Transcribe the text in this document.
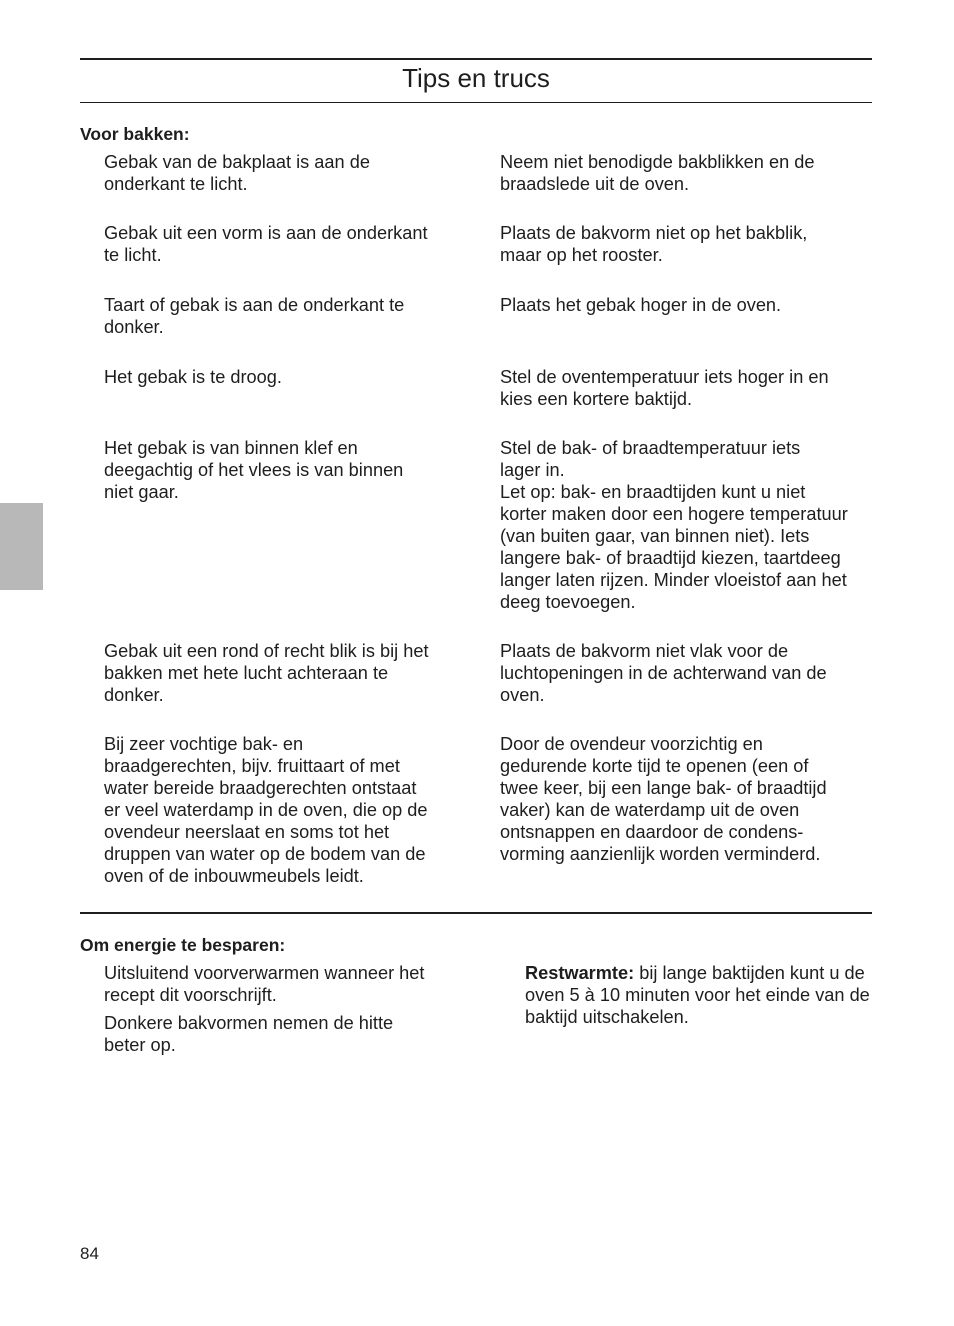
Tips en trucs
Voor bakken:
Gebak van de bakplaat is aan de
onderkant te licht.
Neem niet benodigde bakblikken en de
braadslede uit de oven.
Gebak uit een vorm is aan de onderkant
te licht.
Plaats de bakvorm niet op het bakblik,
maar op het rooster.
Taart of gebak is aan de onderkant te
donker.
Plaats het gebak hoger in de oven.
Het gebak is te droog.	Stel de oventemperatuur iets hoger in en
kies een kortere baktijd.
Het gebak is van binnen klef en
deegachtig of het vlees is van binnen
niet gaar.
Stel de bak- of braadtemperatuur iets
lager in.
Let op: bak- en braadtijden kunt u niet
korter maken door een hogere temperatuur
(van buiten gaar, van binnen niet). Iets
langere bak- of braadtijd kiezen, taartdeeg
langer laten rijzen. Minder vloeistof aan het
deeg toevoegen.
Gebak uit een rond of recht blik is bij het
bakken met hete lucht achteraan te
donker.
Plaats de bakvorm niet vlak voor de
luchtopeningen in de achterwand van de
oven.
Bij zeer vochtige bak- en
braadgerechten, bijv. fruittaart of met
water bereide braadgerechten ontstaat
er veel waterdamp in de oven, die op de
ovendeur neerslaat en soms tot het
druppen van water op de bodem van de
oven of de inbouwmeubels leidt.
Door de ovendeur voorzichtig en
gedurende korte tijd te openen (een of
twee keer, bij een lange bak- of braadtijd
vaker) kan de waterdamp uit de oven
ontsnappen en daardoor de condens-
vorming aanzienlijk worden verminderd.
Om energie te besparen:
Uitsluitend voorverwarmen wanneer het
recept dit voorschrijft.
Donkere bakvormen nemen de hitte
beter op.
Restwarmte: bij lange baktijden kunt u de oven 5 à 10 minuten voor het einde van de baktijd uitschakelen.
84
